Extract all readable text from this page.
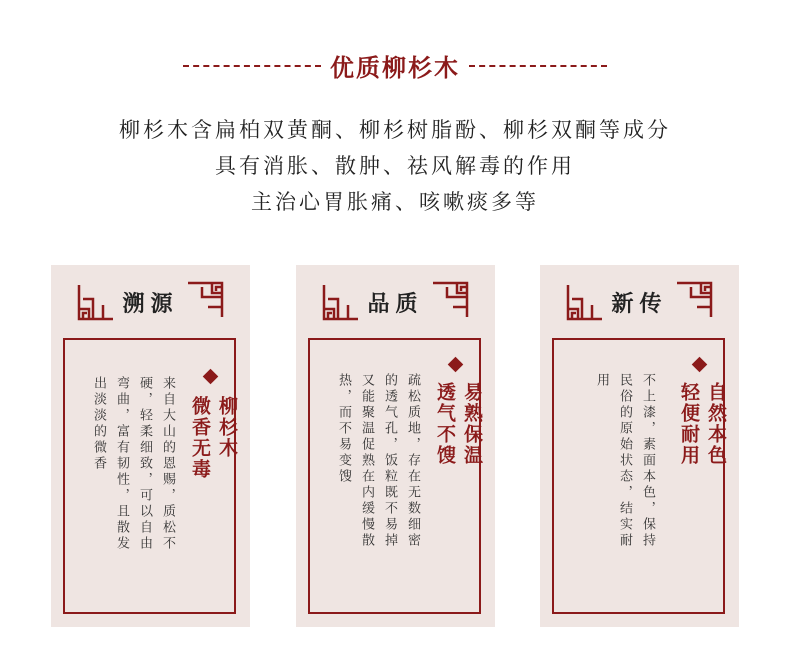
优质柳杉木
柳杉木含扁柏双黄酮、柳杉树脂酚、柳杉双酮等成分
具有消胀、散肿、祛风解毒的作用
主治心胃胀痛、咳嗽痰多等
溯源
柳杉木
微香无毒
来自大山的恩赐，质松不
硬，轻柔细致，可以自由
弯曲，富有韧性，且散发
出淡淡的微香
品质
易熟保温
透气不馊
疏松质地，存在无数细密
的透气孔，饭粒既不易掉
又能聚温促熟在内缓慢散
热，而不易变馊
新传
自然本色
轻便耐用
不上漆，素面本色，保持
民俗的原始状态，结实耐
用
